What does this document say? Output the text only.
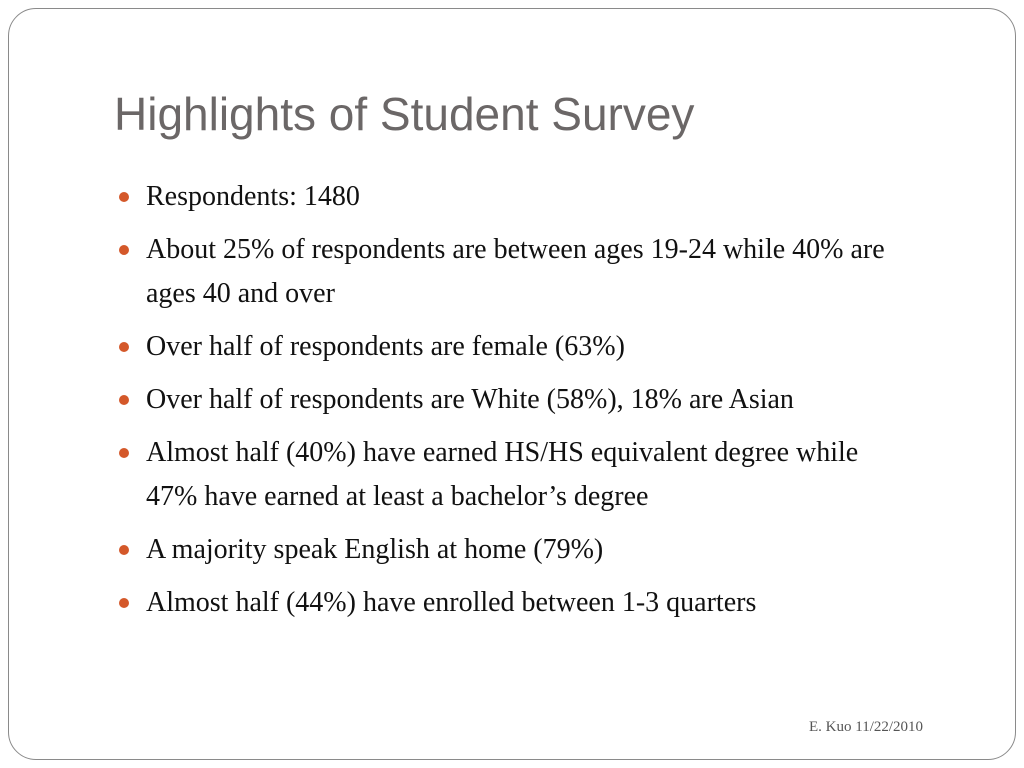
Highlights of Student Survey
Respondents: 1480
About 25% of respondents are between ages 19-24 while 40% are ages 40 and over
Over half of respondents are female (63%)
Over half of respondents are White (58%), 18% are Asian
Almost half (40%) have earned HS/HS equivalent degree while 47% have earned at least a bachelor’s degree
A majority speak English at home (79%)
Almost half (44%) have enrolled between 1-3 quarters
E. Kuo 11/22/2010
